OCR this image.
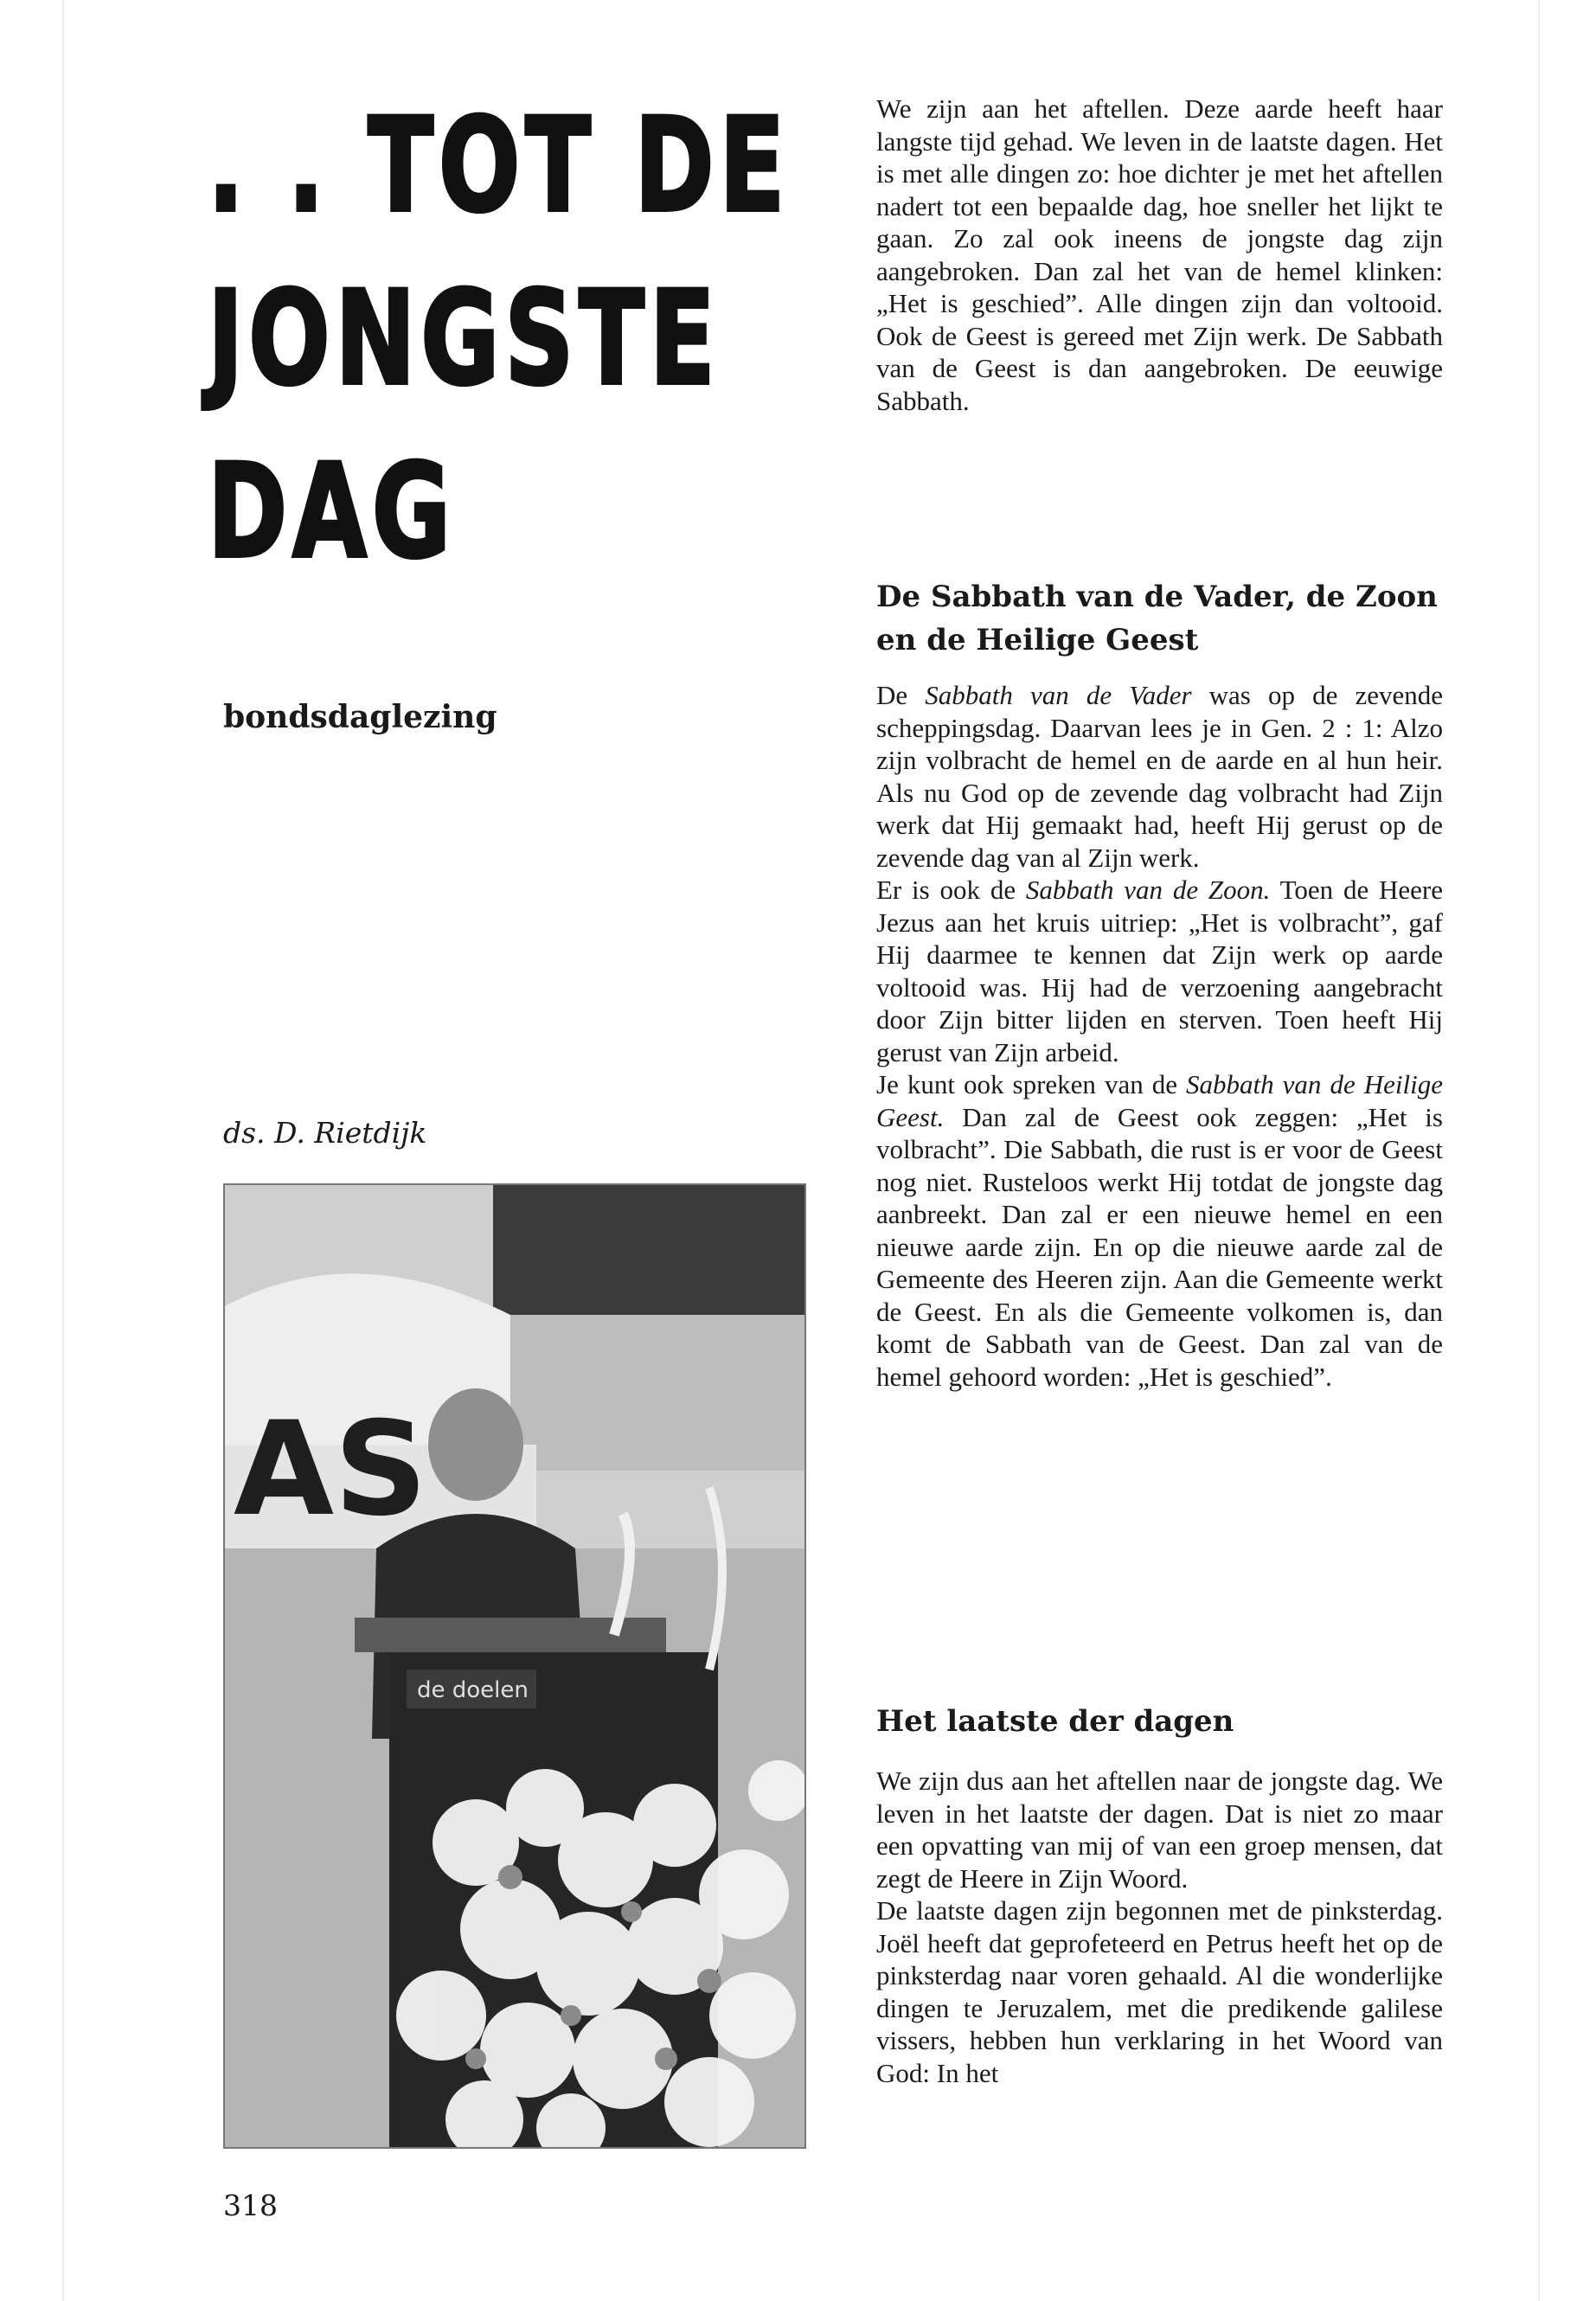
. . TOT DE
JONGSTE
DAG
bondsdaglezing
ds. D. Rietdijk
AS
de doelen
318

We zijn aan het aftellen. Deze aarde heeft haar langste tijd gehad. We leven in de laatste dagen. Het is met alle dingen zo: hoe dichter je met het aftellen nadert tot een bepaalde dag, hoe sneller het lijkt te gaan. Zo zal ook ineens de jongste dag zijn aangebroken. Dan zal het van de hemel klinken: „Het is geschied”. Alle dingen zijn dan voltooid. Ook de Geest is gereed met Zijn werk. De Sabbath van de Geest is dan aangebroken. De eeuwige Sabbath.

De Sabbath van de Vader, de Zoon
en de Heilige Geest

De Sabbath van de Vader was op de zevende scheppingsdag. Daarvan lees je in Gen. 2 : 1: Alzo zijn volbracht de hemel en de aarde en al hun heir. Als nu God op de zevende dag volbracht had Zijn werk dat Hij gemaakt had, heeft Hij gerust op de zevende dag van al Zijn werk.

Er is ook de Sabbath van de Zoon. Toen de Heere Jezus aan het kruis uitriep: „Het is volbracht”, gaf Hij daarmee te kennen dat Zijn werk op aarde voltooid was. Hij had de verzoening aangebracht door Zijn bitter lijden en sterven. Toen heeft Hij gerust van Zijn arbeid.

Je kunt ook spreken van de Sabbath van de Heilige Geest. Dan zal de Geest ook zeggen: „Het is volbracht”. Die Sabbath, die rust is er voor de Geest nog niet. Rusteloos werkt Hij totdat de jongste dag aanbreekt. Dan zal er een nieuwe hemel en een nieuwe aarde zijn. En op die nieuwe aarde zal de Gemeente des Heeren zijn. Aan die Gemeente werkt de Geest. En als die Gemeente volkomen is, dan komt de Sabbath van de Geest. Dan zal van de hemel gehoord worden: „Het is geschied”.

Het laatste der dagen

We zijn dus aan het aftellen naar de jongste dag. We leven in het laatste der dagen. Dat is niet zo maar een opvatting van mij of van een groep mensen, dat zegt de Heere in Zijn Woord.

De laatste dagen zijn begonnen met de pinksterdag. Joël heeft dat geprofeteerd en Petrus heeft het op de pinksterdag naar voren gehaald. Al die wonderlijke dingen te Jeruzalem, met die predikende galilese vissers, hebben hun verklaring in het Woord van God: In het
